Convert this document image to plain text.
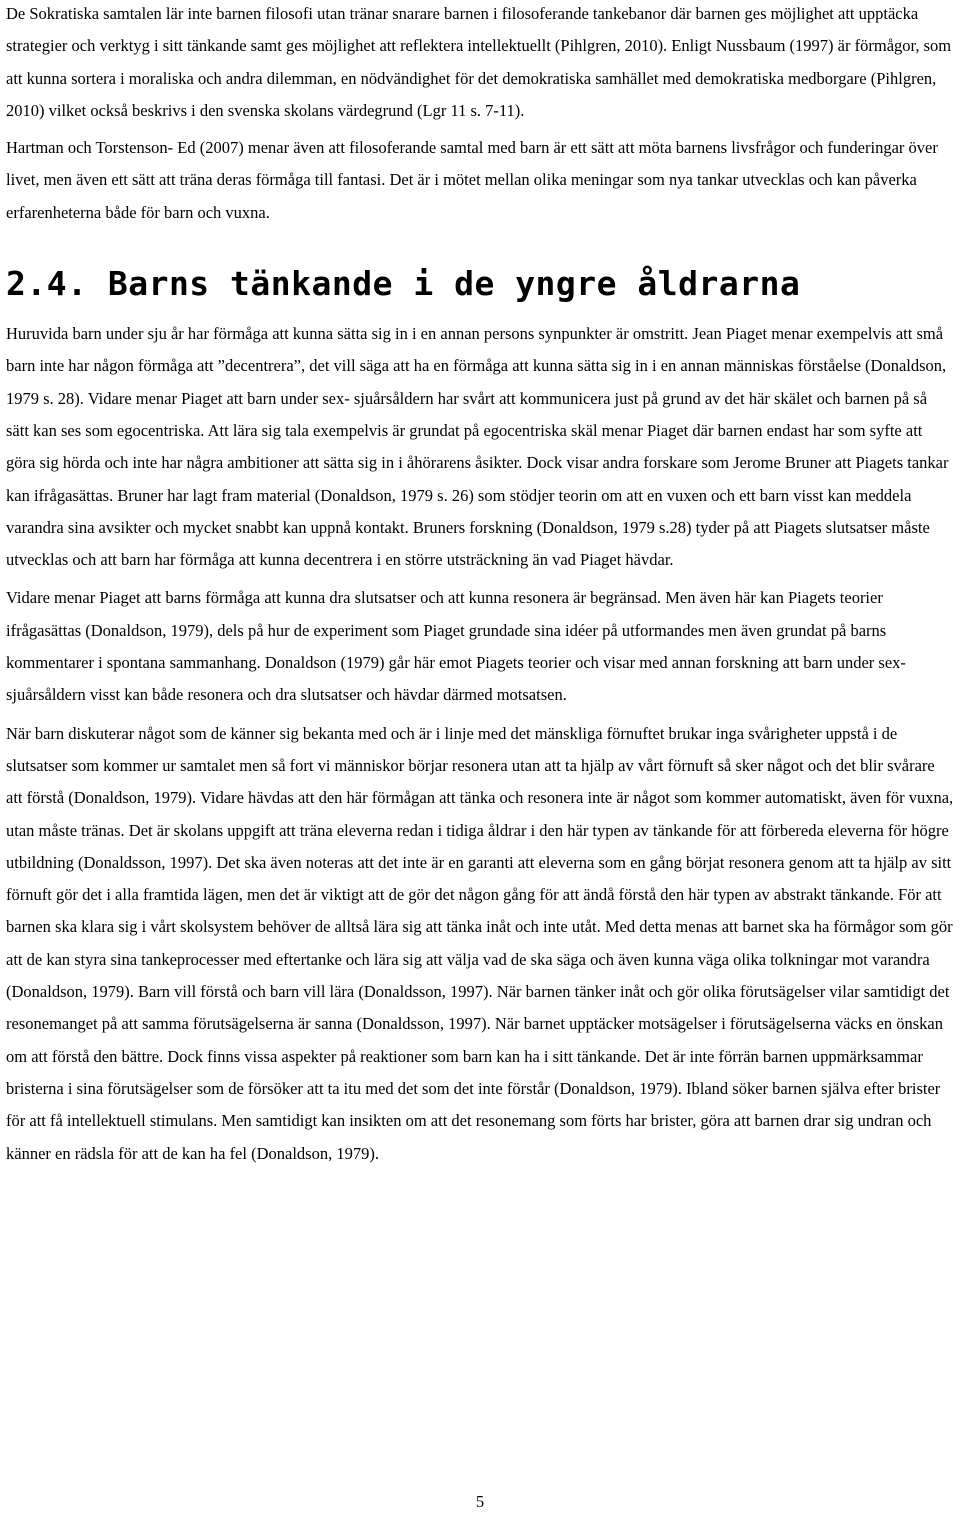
De Sokratiska samtalen lär inte barnen filosofi utan tränar snarare barnen i filosoferande tankebanor där barnen ges möjlighet att upptäcka strategier och verktyg i sitt tänkande samt ges möjlighet att reflektera intellektuellt (Pihlgren, 2010). Enligt Nussbaum (1997) är förmågor, som att kunna sortera i moraliska och andra dilemman, en nödvändighet för det demokratiska samhället med demokratiska medborgare (Pihlgren, 2010) vilket också beskrivs i den svenska skolans värdegrund (Lgr 11 s. 7-11).

Hartman och Torstenson- Ed (2007) menar även att filosoferande samtal med barn är ett sätt att möta barnens livsfrågor och funderingar över livet, men även ett sätt att träna deras förmåga till fantasi. Det är i mötet mellan olika meningar som nya tankar utvecklas och kan påverka erfarenheterna både för barn och vuxna.

2.4. Barns tänkande i de yngre åldrarna

Huruvida barn under sju år har förmåga att kunna sätta sig in i en annan persons synpunkter är omstritt. Jean Piaget menar exempelvis att små barn inte har någon förmåga att ”decentrera”, det vill säga att ha en förmåga att kunna sätta sig in i en annan människas förståelse (Donaldson, 1979 s. 28). Vidare menar Piaget att barn under sex- sjuårsåldern har svårt att kommunicera just på grund av det här skälet och barnen på så sätt kan ses som egocentriska. Att lära sig tala exempelvis är grundat på egocentriska skäl menar Piaget där barnen endast har som syfte att göra sig hörda och inte har några ambitioner att sätta sig in i åhörarens åsikter. Dock visar andra forskare som Jerome Bruner att Piagets tankar kan ifrågasättas. Bruner har lagt fram material (Donaldson, 1979 s. 26) som stödjer teorin om att en vuxen och ett barn visst kan meddela varandra sina avsikter och mycket snabbt kan uppnå kontakt. Bruners forskning (Donaldson, 1979 s.28) tyder på att Piagets slutsatser måste utvecklas och att barn har förmåga att kunna decentrera i en större utsträckning än vad Piaget hävdar.

Vidare menar Piaget att barns förmåga att kunna dra slutsatser och att kunna resonera är begränsad. Men även här kan Piagets teorier ifrågasättas (Donaldson, 1979), dels på hur de experiment som Piaget grundade sina idéer på utformandes men även grundat på barns kommentarer i spontana sammanhang. Donaldson (1979) går här emot Piagets teorier och visar med annan forskning att barn under sex- sjuårsåldern visst kan både resonera och dra slutsatser och hävdar därmed motsatsen.

När barn diskuterar något som de känner sig bekanta med och är i linje med det mänskliga förnuftet brukar inga svårigheter uppstå i de slutsatser som kommer ur samtalet men så fort vi människor börjar resonera utan att ta hjälp av vårt förnuft så sker något och det blir svårare att förstå (Donaldson, 1979). Vidare hävdas att den här förmågan att tänka och resonera inte är något som kommer automatiskt, även för vuxna, utan måste tränas. Det är skolans uppgift att träna eleverna redan i tidiga åldrar i den här typen av tänkande för att förbereda eleverna för högre utbildning (Donaldsson, 1997). Det ska även noteras att det inte är en garanti att eleverna som en gång börjat resonera genom att ta hjälp av sitt förnuft gör det i alla framtida lägen, men det är viktigt att de gör det någon gång för att ändå förstå den här typen av abstrakt tänkande. För att barnen ska klara sig i vårt skolsystem behöver de alltså lära sig att tänka inåt och inte utåt. Med detta menas att barnet ska ha förmågor som gör att de kan styra sina tankeprocesser med eftertanke och lära sig att välja vad de ska säga och även kunna väga olika tolkningar mot varandra (Donaldson, 1979). Barn vill förstå och barn vill lära (Donaldsson, 1997). När barnen tänker inåt och gör olika förutsägelser vilar samtidigt det resonemanget på att samma förutsägelserna är sanna (Donaldsson, 1997). När barnet upptäcker motsägelser i förutsägelserna väcks en önskan om att förstå den bättre. Dock finns vissa aspekter på reaktioner som barn kan ha i sitt tänkande. Det är inte förrän barnen uppmärksammar bristerna i sina förutsägelser som de försöker att ta itu med det som det inte förstår (Donaldson, 1979). Ibland söker barnen själva efter brister för att få intellektuell stimulans. Men samtidigt kan insikten om att det resonemang som förts har brister, göra att barnen drar sig undran och känner en rädsla för att de kan ha fel (Donaldson, 1979).

5
